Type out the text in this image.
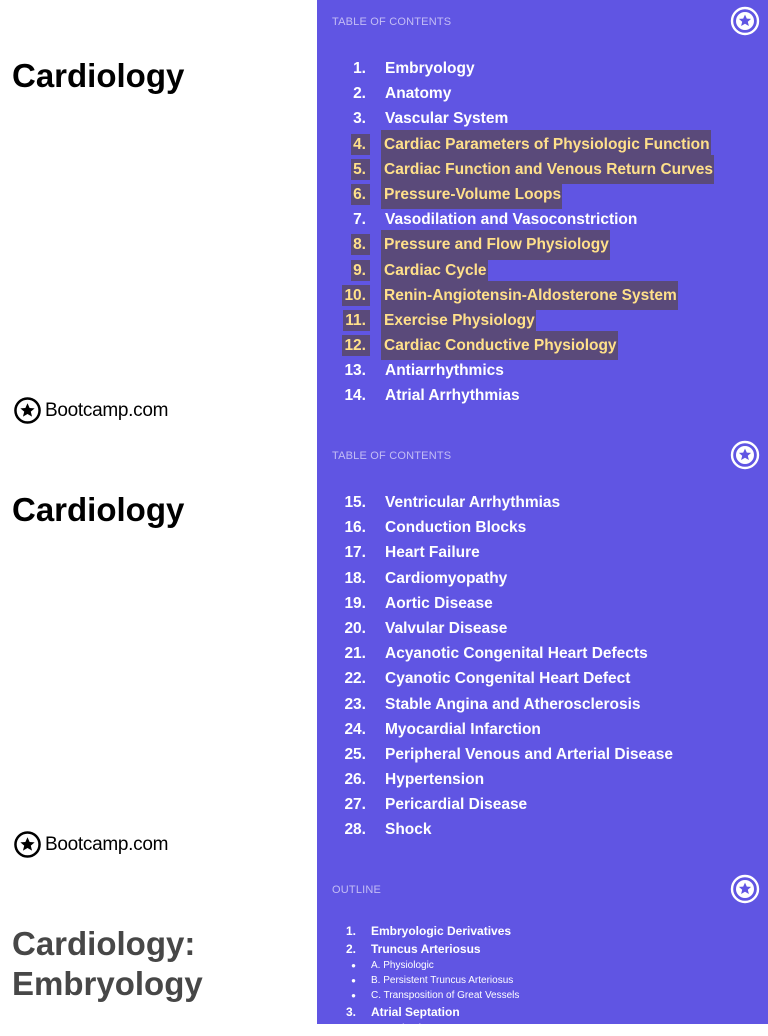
Cardiology
Bootcamp.com
TABLE OF CONTENTS
1. Embryology
2. Anatomy
3. Vascular System
4. Cardiac Parameters of Physiologic Function
5. Cardiac Function and Venous Return Curves
6. Pressure-Volume Loops
7. Vasodilation and Vasoconstriction
8. Pressure and Flow Physiology
9. Cardiac Cycle
10. Renin-Angiotensin-Aldosterone System
11. Exercise Physiology
12. Cardiac Conductive Physiology
13. Antiarrhythmics
14. Atrial Arrhythmias
Cardiology
Bootcamp.com
TABLE OF CONTENTS
15. Ventricular Arrhythmias
16. Conduction Blocks
17. Heart Failure
18. Cardiomyopathy
19. Aortic Disease
20. Valvular Disease
21. Acyanotic Congenital Heart Defects
22. Cyanotic Congenital Heart Defect
23. Stable Angina and Atherosclerosis
24. Myocardial Infarction
25. Peripheral Venous and Arterial Disease
26. Hypertension
27. Pericardial Disease
28. Shock
Cardiology:
Embryology
OUTLINE
1. Embryologic Derivatives
2. Truncus Arteriosus
● A. Physiologic
● B. Persistent Truncus Arteriosus
● C. Transposition of Great Vessels
3. Atrial Septation
● A. Mechanism
